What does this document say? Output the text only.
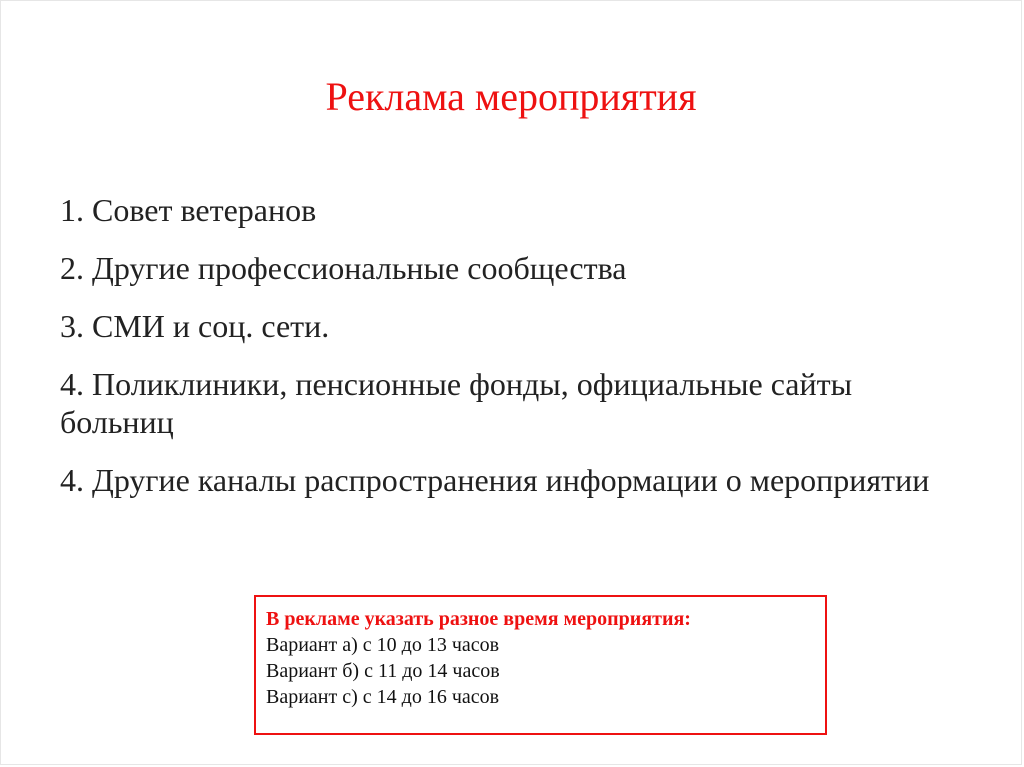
Реклама мероприятия
1. Совет ветеранов
2. Другие профессиональные сообщества
3. СМИ и соц. сети.
4. Поликлиники, пенсионные фонды, официальные сайты больниц
4. Другие каналы распространения информации о мероприятии
В рекламе указать разное время мероприятия:
Вариант а) с 10 до 13 часов
Вариант б) с 11 до 14 часов
Вариант с) с 14 до 16 часов
